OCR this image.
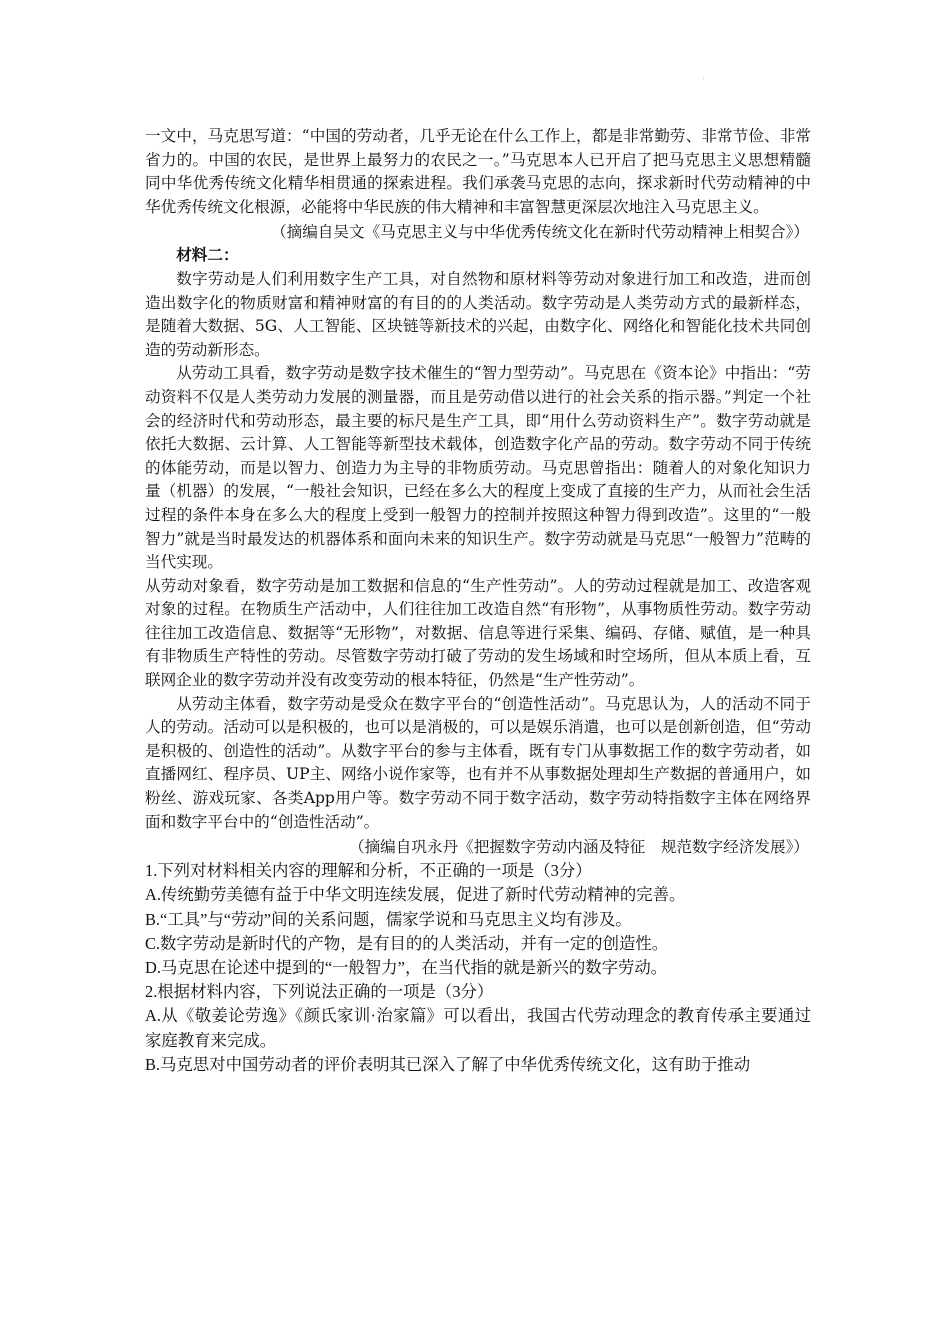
·

一文中，马克思写道：“中国的劳动者，几乎无论在什么工作上，都是非常勤劳、非常节俭、非常省力的。中国的农民，是世界上最努力的农民之一。”马克思本人已开启了把马克思主义思想精髓同中华优秀传统文化精华相贯通的探索进程。我们承袭马克思的志向，探求新时代劳动精神的中华优秀传统文化根源，必能将中华民族的伟大精神和丰富智慧更深层次地注入马克思主义。

（摘编自吴文《马克思主义与中华优秀传统文化在新时代劳动精神上相契合》）

材料二：

数字劳动是人们利用数字生产工具，对自然物和原材料等劳动对象进行加工和改造，进而创造出数字化的物质财富和精神财富的有目的的人类活动。数字劳动是人类劳动方式的最新样态，是随着大数据、5G、人工智能、区块链等新技术的兴起，由数字化、网络化和智能化技术共同创造的劳动新形态。

从劳动工具看，数字劳动是数字技术催生的“智力型劳动”。马克思在《资本论》中指出：“劳动资料不仅是人类劳动力发展的测量器，而且是劳动借以进行的社会关系的指示器。”判定一个社会的经济时代和劳动形态，最主要的标尺是生产工具，即“用什么劳动资料生产”。数字劳动就是依托大数据、云计算、人工智能等新型技术载体，创造数字化产品的劳动。数字劳动不同于传统的体能劳动，而是以智力、创造力为主导的非物质劳动。马克思曾指出：随着人的对象化知识力量（机器）的发展，“一般社会知识，已经在多么大的程度上变成了直接的生产力，从而社会生活过程的条件本身在多么大的程度上受到一般智力的控制并按照这种智力得到改造”。这里的“一般智力”就是当时最发达的机器体系和面向未来的知识生产。数字劳动就是马克思“一般智力”范畴的当代实现。

从劳动对象看，数字劳动是加工数据和信息的“生产性劳动”。人的劳动过程就是加工、改造客观对象的过程。在物质生产活动中，人们往往加工改造自然“有形物”，从事物质性劳动。数字劳动往往加工改造信息、数据等“无形物”，对数据、信息等进行采集、编码、存储、赋值，是一种具有非物质生产特性的劳动。尽管数字劳动打破了劳动的发生场域和时空场所，但从本质上看，互联网企业的数字劳动并没有改变劳动的根本特征，仍然是“生产性劳动”。

从劳动主体看，数字劳动是受众在数字平台的“创造性活动”。马克思认为，人的活动不同于人的劳动。活动可以是积极的，也可以是消极的，可以是娱乐消遣，也可以是创新创造，但“劳动是积极的、创造性的活动”。从数字平台的参与主体看，既有专门从事数据工作的数字劳动者，如直播网红、程序员、UP主、网络小说作家等，也有并不从事数据处理却生产数据的普通用户，如粉丝、游戏玩家、各类App用户等。数字劳动不同于数字活动，数字劳动特指数字主体在网络界面和数字平台中的“创造性活动”。

（摘编自巩永丹《把握数字劳动内涵及特征　规范数字经济发展》）

1.下列对材料相关内容的理解和分析，不正确的一项是（3分）

A.传统勤劳美德有益于中华文明连续发展，促进了新时代劳动精神的完善。

B.“工具”与“劳动”间的关系问题，儒家学说和马克思主义均有涉及。

C.数字劳动是新时代的产物，是有目的的人类活动，并有一定的创造性。

D.马克思在论述中提到的“一般智力”，在当代指的就是新兴的数字劳动。

2.根据材料内容，下列说法正确的一项是（3分）

A.从《敬姜论劳逸》《颜氏家训·治家篇》可以看出，我国古代劳动理念的教育传承主要通过家庭教育来完成。

B.马克思对中国劳动者的评价表明其已深入了解了中华优秀传统文化，这有助于推动
